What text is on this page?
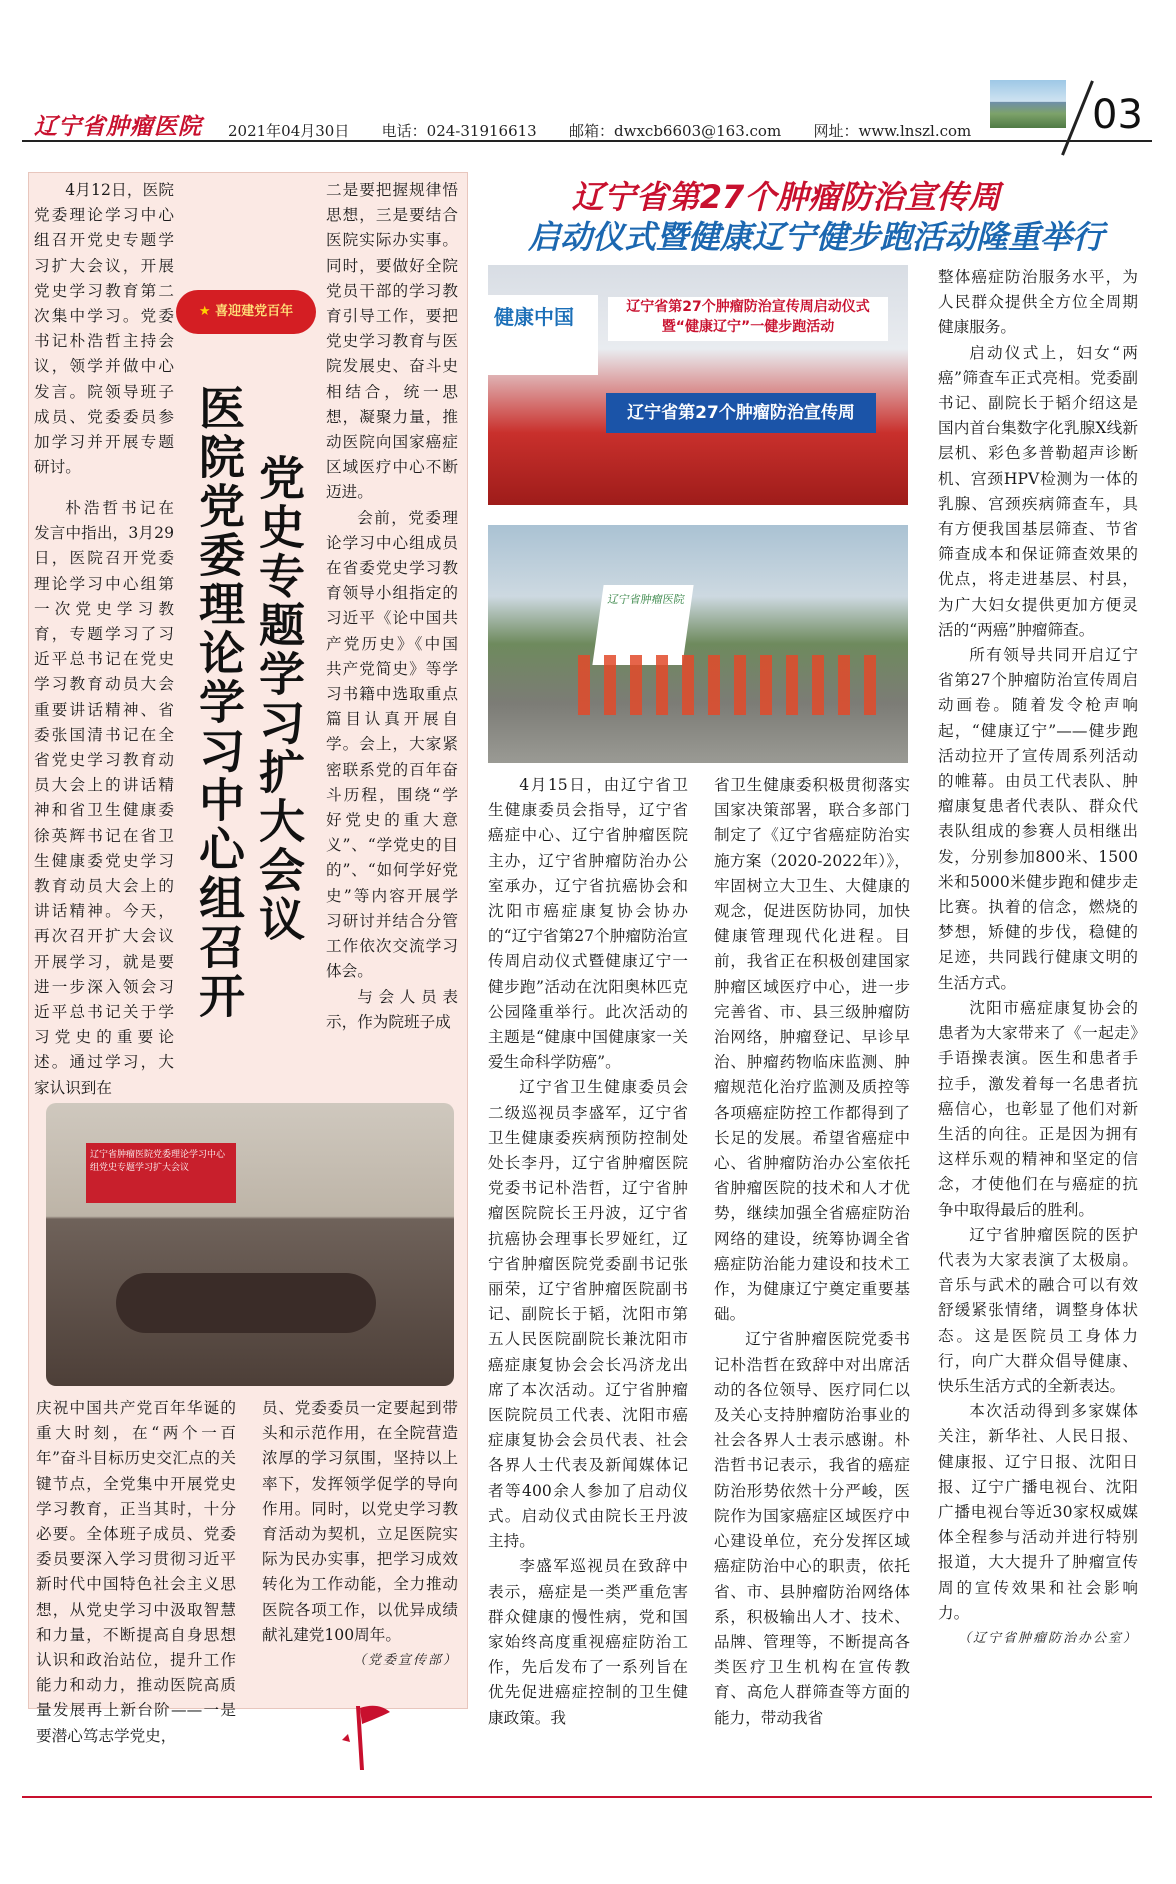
辽宁省肿瘤医院 2021年04月30日 电话：024-31916613 邮箱：dwxcb6603@163.com 网址：www.lnszl.com	03

4月12日，医院党委理论学习中心组召开党史专题学习扩大会议，开展党史学习教育第二次集中学习。党委书记朴浩哲主持会议，领学并做中心发言。院领导班子成员、党委委员参加学习并开展专题研讨。

朴浩哲书记在发言中指出，3月29日，医院召开党委理论学习中心组第一次党史学习教育，专题学习了习近平总书记在党史学习教育动员大会重要讲话精神、省委张国清书记在全省党史学习教育动员大会上的讲话精神和省卫生健康委徐英辉书记在省卫生健康委党史学习教育动员大会上的讲话精神。今天，再次召开扩大会议开展学习，就是要进一步深入领会习近平总书记关于学习党史的重要论述。通过学习，大家认识到在

★ 喜迎建党百年
党史专题学习扩大会议
医院党委理论学习中心组召开

二是要把握规律悟思想，三是要结合医院实际办实事。同时，要做好全院党员干部的学习教育引导工作，要把党史学习教育与医院发展史、奋斗史相结合，统一思想，凝聚力量，推动医院向国家癌症区域医疗中心不断迈进。

会前，党委理论学习中心组成员在省委党史学习教育领导小组指定的习近平《论中国共产党历史》《中国共产党简史》等学习书籍中选取重点篇目认真开展自学。会上，大家紧密联系党的百年奋斗历程，围绕“学好党史的重大意义”、“学党史的目的”、“如何学好党史”等内容开展学习研讨并结合分管工作依次交流学习体会。

与会人员表示，作为院班子成

辽宁省肿瘤医院党委理论学习中心组党史专题学习扩大会议

庆祝中国共产党百年华诞的重大时刻，在“两个一百年”奋斗目标历史交汇点的关键节点，全党集中开展党史学习教育，正当其时，十分必要。全体班子成员、党委委员要深入学习贯彻习近平新时代中国特色社会主义思想，从党史学习中汲取智慧和力量，不断提高自身思想认识和政治站位，提升工作能力和动力，推动医院高质量发展再上新台阶——一是要潜心笃志学党史，

员、党委委员一定要起到带头和示范作用，在全院营造浓厚的学习氛围，坚持以上率下，发挥领学促学的导向作用。同时，以党史学习教育活动为契机，立足医院实际为民办实事，把学习成效转化为工作动能，全力推动医院各项工作，以优异成绩献礼建党100周年。

（党委宣传部）
辽宁省第27个肿瘤防治宣传周
启动仪式暨健康辽宁健步跑活动隆重举行
健康中国	辽宁省第27个肿瘤防治宣传周启动仪式暨“健康辽宁”一健步跑活动
辽宁省第27个肿瘤防治宣传周
辽宁省肿瘤医院

4月15日，由辽宁省卫生健康委员会指导，辽宁省癌症中心、辽宁省肿瘤医院主办，辽宁省肿瘤防治办公室承办，辽宁省抗癌协会和沈阳市癌症康复协会协办的“辽宁省第27个肿瘤防治宣传周启动仪式暨健康辽宁一健步跑”活动在沈阳奥林匹克公园隆重举行。此次活动的主题是“健康中国健康家一关爱生命科学防癌”。

辽宁省卫生健康委员会二级巡视员李盛军，辽宁省卫生健康委疾病预防控制处处长李丹，辽宁省肿瘤医院党委书记朴浩哲，辽宁省肿瘤医院院长王丹波，辽宁省抗癌协会理事长罗娅红，辽宁省肿瘤医院党委副书记张丽荣，辽宁省肿瘤医院副书记、副院长于韬，沈阳市第五人民医院副院长兼沈阳市癌症康复协会会长冯济龙出席了本次活动。辽宁省肿瘤医院院员工代表、沈阳市癌症康复协会会员代表、社会各界人士代表及新闻媒体记者等400余人参加了启动仪式。启动仪式由院长王丹波主持。

李盛军巡视员在致辞中表示，癌症是一类严重危害群众健康的慢性病，党和国家始终高度重视癌症防治工作，先后发布了一系列旨在优先促进癌症控制的卫生健康政策。我

省卫生健康委积极贯彻落实国家决策部署，联合多部门制定了《辽宁省癌症防治实施方案（2020-2022年）》，牢固树立大卫生、大健康的观念，促进医防协同，加快健康管理现代化进程。目前，我省正在积极创建国家肿瘤区域医疗中心，进一步完善省、市、县三级肿瘤防治网络，肿瘤登记、早诊早治、肿瘤药物临床监测、肿瘤规范化治疗监测及质控等各项癌症防控工作都得到了长足的发展。希望省癌症中心、省肿瘤防治办公室依托省肿瘤医院的技术和人才优势，继续加强全省癌症防治网络的建设，统筹协调全省癌症防治能力建设和技术工作，为健康辽宁奠定重要基础。

辽宁省肿瘤医院党委书记朴浩哲在致辞中对出席活动的各位领导、医疗同仁以及关心支持肿瘤防治事业的社会各界人士表示感谢。朴浩哲书记表示，我省的癌症防治形势依然十分严峻，医院作为国家癌症区域医疗中心建设单位，充分发挥区域癌症防治中心的职责，依托省、市、县肿瘤防治网络体系，积极输出人才、技术、品牌、管理等，不断提高各类医疗卫生机构在宣传教育、高危人群筛查等方面的能力，带动我省

整体癌症防治服务水平，为人民群众提供全方位全周期健康服务。

启动仪式上，妇女“两癌”筛查车正式亮相。党委副书记、副院长于韬介绍这是国内首台集数字化乳腺X线新层机、彩色多普勒超声诊断机、宫颈HPV检测为一体的乳腺、宫颈疾病筛查车，具有方便我国基层筛查、节省筛查成本和保证筛查效果的优点，将走进基层、村县，为广大妇女提供更加方便灵活的“两癌”肿瘤筛查。

所有领导共同开启辽宁省第27个肿瘤防治宣传周启动画卷。随着发令枪声响起，“健康辽宁”——健步跑活动拉开了宣传周系列活动的帷幕。由员工代表队、肿瘤康复患者代表队、群众代表队组成的参赛人员相继出发，分别参加800米、1500米和5000米健步跑和健步走比赛。执着的信念，燃烧的梦想，矫健的步伐，稳健的足迹，共同践行健康文明的生活方式。

沈阳市癌症康复协会的患者为大家带来了《一起走》手语操表演。医生和患者手拉手，激发着每一名患者抗癌信心，也彰显了他们对新生活的向往。正是因为拥有这样乐观的精神和坚定的信念，才使他们在与癌症的抗争中取得最后的胜利。

辽宁省肿瘤医院的医护代表为大家表演了太极扇。音乐与武术的融合可以有效舒缓紧张情绪，调整身体状态。这是医院员工身体力行，向广大群众倡导健康、快乐生活方式的全新表达。

本次活动得到多家媒体关注，新华社、人民日报、健康报、辽宁日报、沈阳日报、辽宁广播电视台、沈阳广播电视台等近30家权威媒体全程参与活动并进行特别报道，大大提升了肿瘤宣传周的宣传效果和社会影响力。

（辽宁省肿瘤防治办公室）
